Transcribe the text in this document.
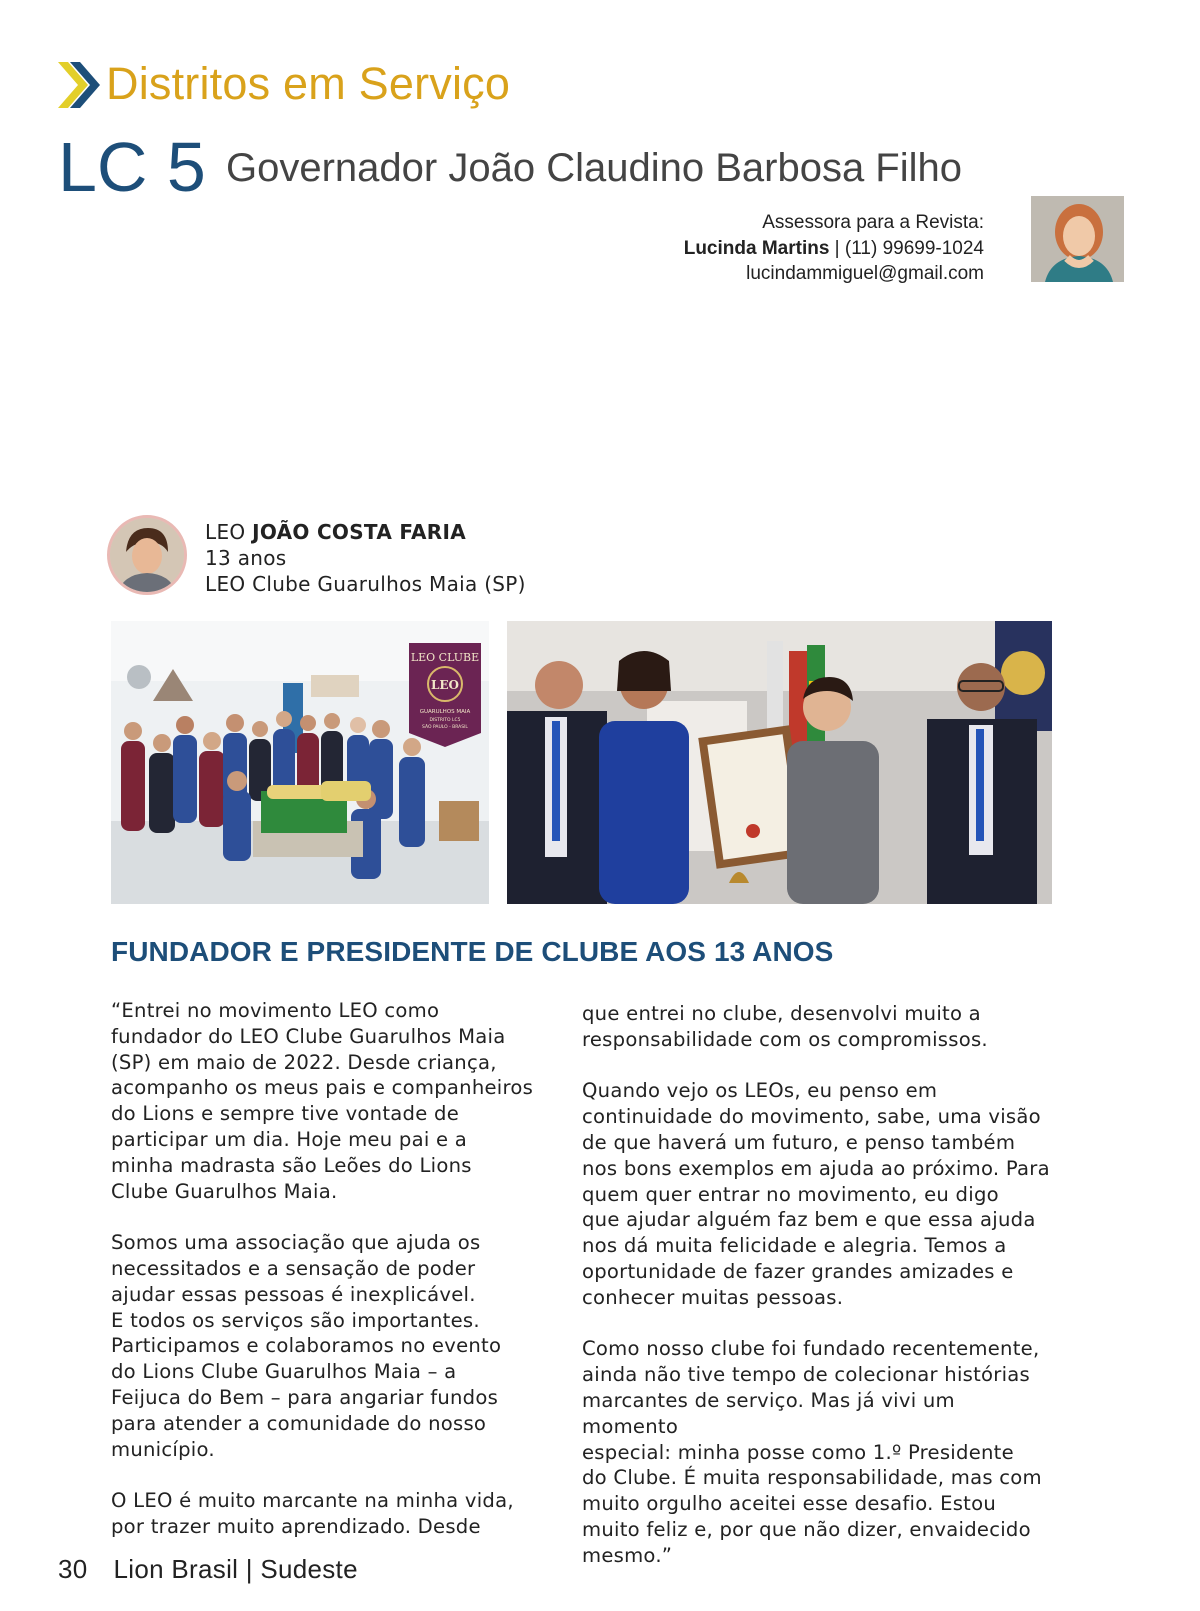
Distritos em Serviço
LC 5 Governador João Claudino Barbosa Filho
Assessora para a Revista:
Lucinda Martins | (11) 99699-1024
lucindammiguel@gmail.com
LEO JOÃO COSTA FARIA
13 anos
LEO Clube Guarulhos Maia (SP)
LEO CLUBE
LEO
GUARULHOS MAIA
DISTRITO LC5
SÃO PAULO - BRASIL
FUNDADOR E PRESIDENTE DE CLUBE AOS 13 ANOS

“Entrei no movimento LEO como
fundador do LEO Clube Guarulhos Maia
(SP) em maio de 2022. Desde criança,
acompanho os meus pais e companheiros
do Lions e sempre tive vontade de
participar um dia. Hoje meu pai e a
minha madrasta são Leões do Lions
Clube Guarulhos Maia.

Somos uma associação que ajuda os
necessitados e a sensação de poder
ajudar essas pessoas é inexplicável.
E todos os serviços são importantes.
Participamos e colaboramos no evento
do Lions Clube Guarulhos Maia – a
Feijuca do Bem – para angariar fundos
para atender a comunidade do nosso
município.

O LEO é muito marcante na minha vida,
por trazer muito aprendizado. Desde

que entrei no clube, desenvolvi muito a
responsabilidade com os compromissos.

Quando vejo os LEOs, eu penso em
continuidade do movimento, sabe, uma visão
de que haverá um futuro, e penso também
nos bons exemplos em ajuda ao próximo. Para
quem quer entrar no movimento, eu digo
que ajudar alguém faz bem e que essa ajuda
nos dá muita felicidade e alegria. Temos a
oportunidade de fazer grandes amizades e
conhecer muitas pessoas.

Como nosso clube foi fundado recentemente,
ainda não tive tempo de colecionar histórias
marcantes de serviço. Mas já vivi um momento
especial: minha posse como 1.º Presidente
do Clube. É muita responsabilidade, mas com
muito orgulho aceitei esse desafio. Estou
muito feliz e, por que não dizer, envaidecido
mesmo.”

30 Lion Brasil | Sudeste
